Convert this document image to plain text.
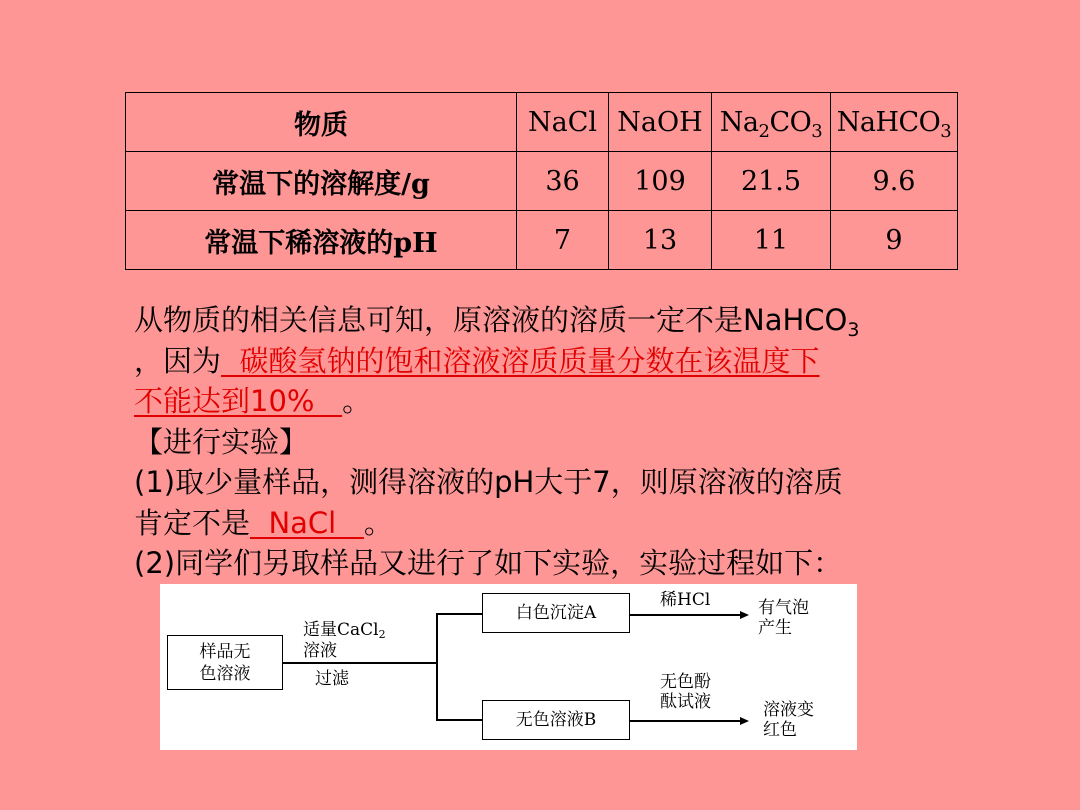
物质	NaCl	NaOH	$Na_2CO_3$	NaHCO$_3$
常温下的溶解度/g	36	109	21.5	9.6
常温下稀溶液的pH	7	13	11	9
从物质的相关信息可知，原溶液的溶质一定不是NaHCO$_3$
，因为  碳酸氢钠的饱和溶液溶质质量分数在该温度下
不能达到10%   。
【进行实验】
(1)取少量样品，测得溶液的pH大于7，则原溶液的溶质
肯定不是  NaCl   。
(2)同学们另取样品又进行了如下实验，实验过程如下：
样品无
色溶液
适量CaCl$_2$
溶液
过滤
白色沉淀A
稀HCl	有气泡
产生
无色溶液B
无色酚
酞试液	溶液变
红色
